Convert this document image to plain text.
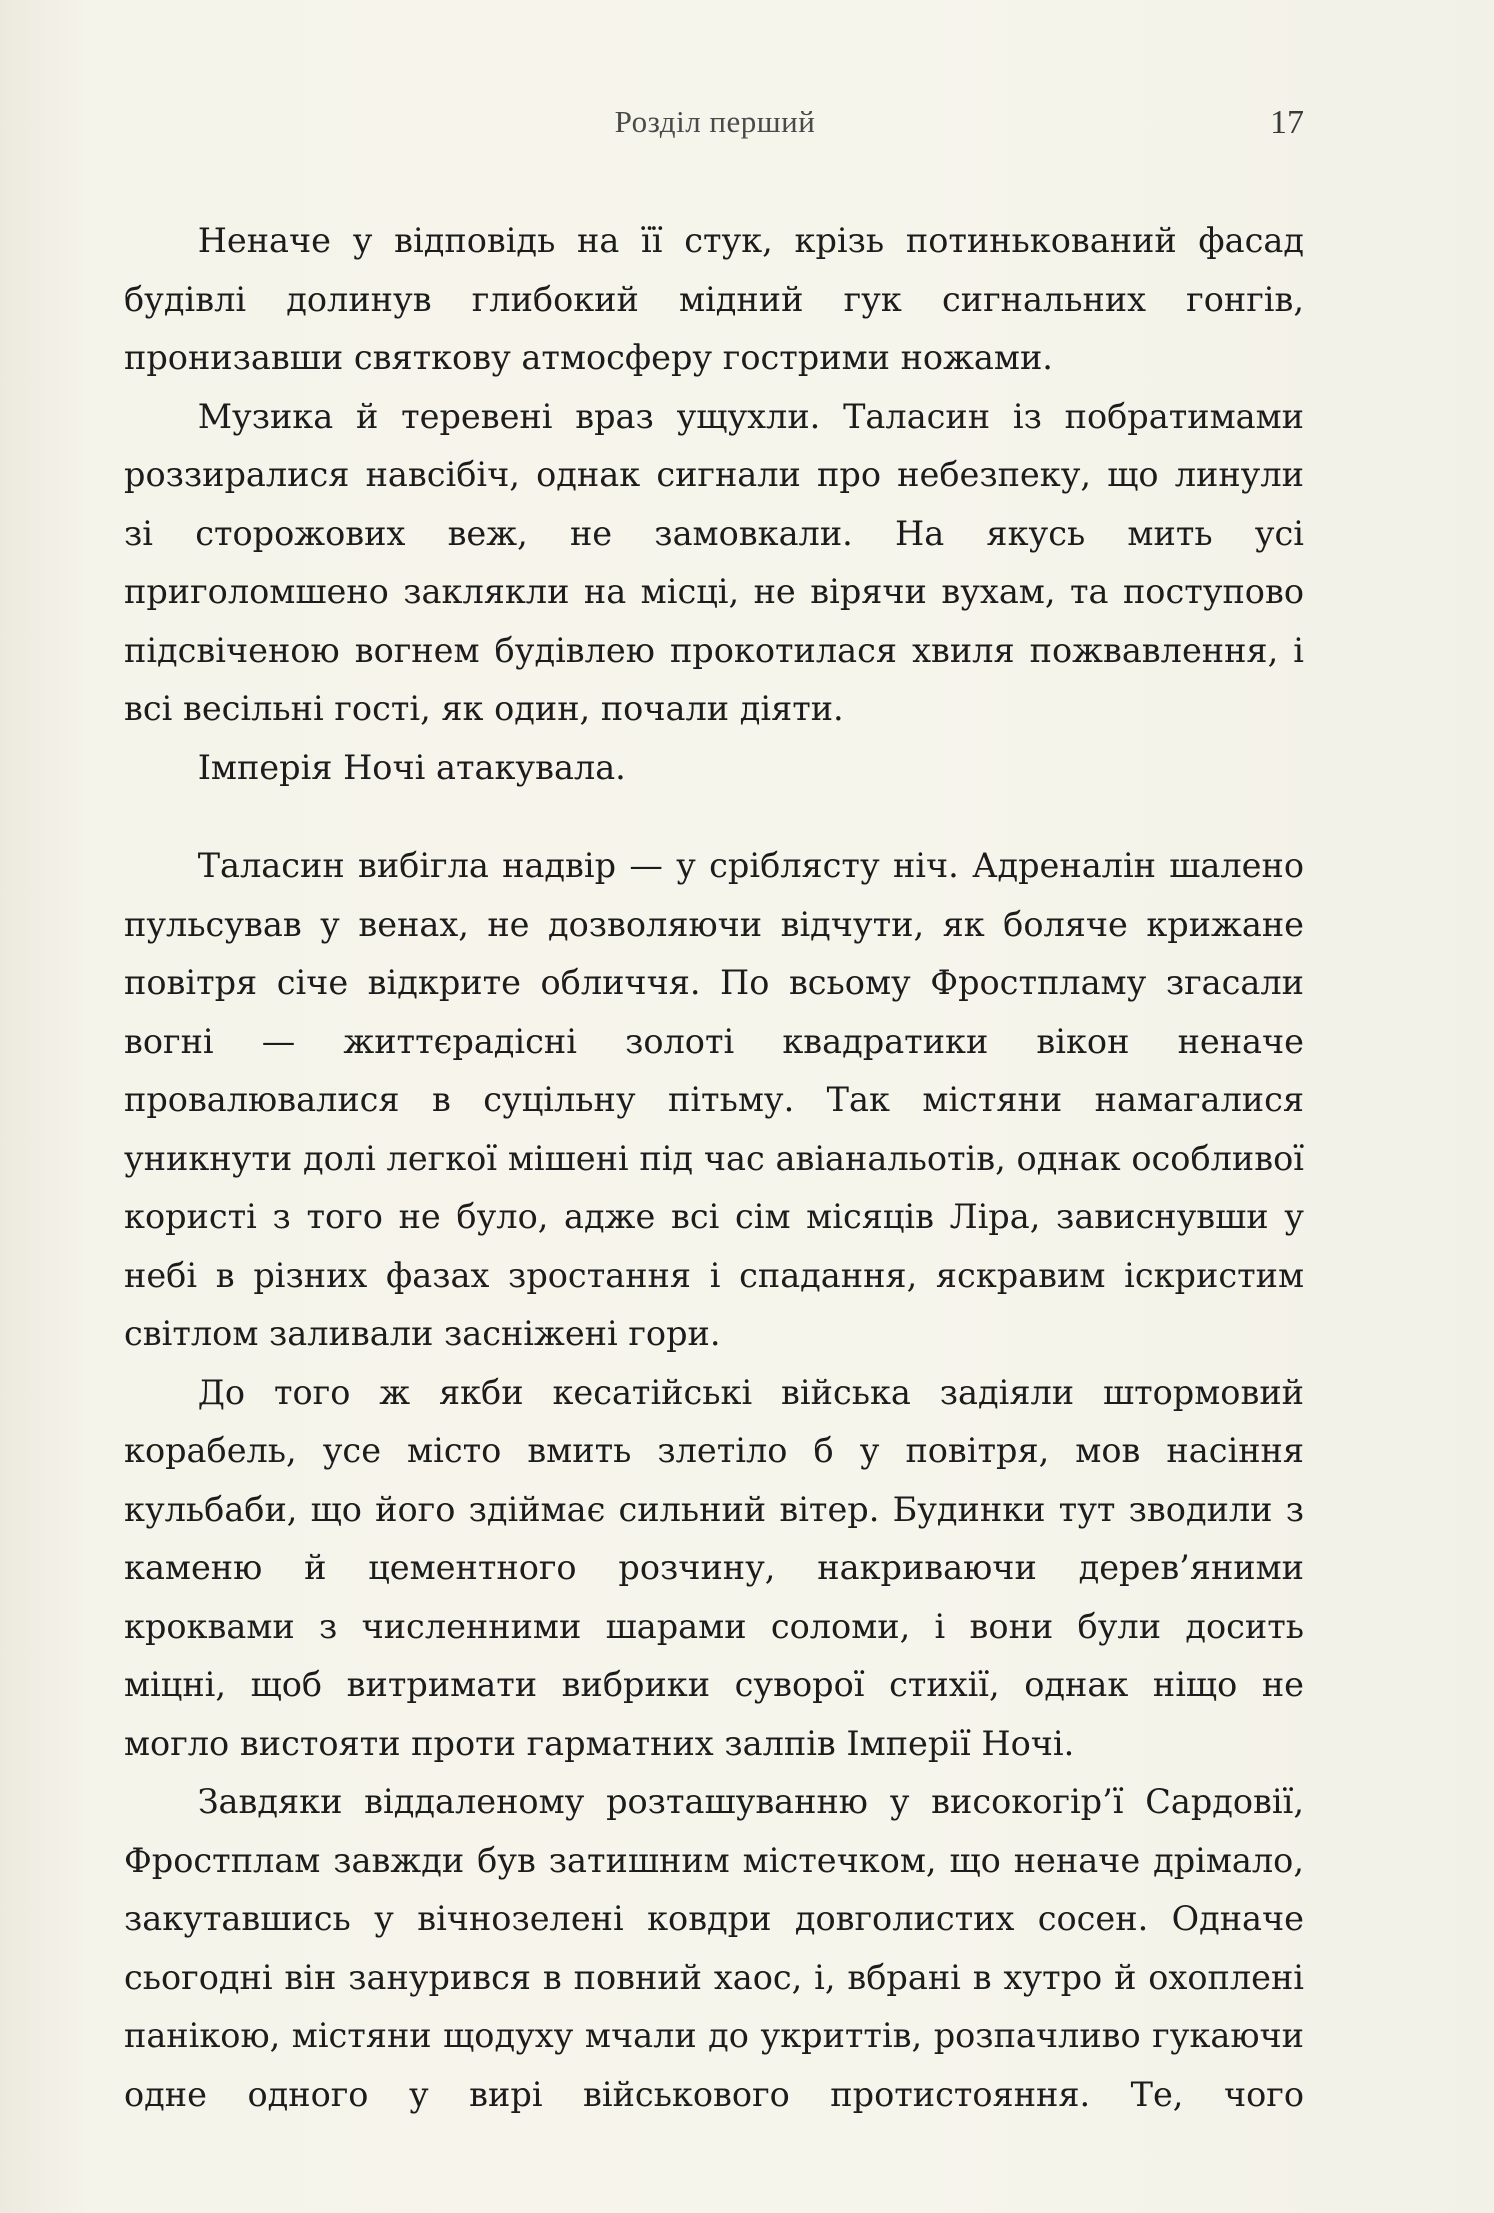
Розділ перший	17

Неначе у відповідь на її стук, крізь потинькований фасад будівлі долинув глибокий мідний гук сигнальних гонгів, пронизавши святкову атмосферу гострими ножами.

Музика й теревені враз ущухли. Таласин із побратимами роззиралися навсібіч, однак сигнали про небезпеку, що линули зі сторожових веж, не замовкали. На якусь мить усі приголомшено заклякли на місці, не вірячи вухам, та поступово підсвіченою вогнем будівлею прокотилася хвиля пожвавлення, і всі весільні гості, як один, почали діяти.

Імперія Ночі атакувала.

Таласин вибігла надвір — у сріблясту ніч. Адреналін шалено пульсував у венах, не дозволяючи відчути, як боляче крижане повітря січе відкрите обличчя. По всьому Фростпламу згасали вогні — життєрадісні золоті квадратики вікон неначе провалювалися в суцільну пітьму. Так містяни намагалися уникнути долі легкої мішені під час авіанальотів, однак особливої користі з того не було, адже всі сім місяців Ліра, зависнувши у небі в різних фазах зростання і спадання, яскравим іскристим світлом заливали засніжені гори.

До того ж якби кесатійські війська задіяли штормовий корабель, усе місто вмить злетіло б у повітря, мов насіння кульбаби, що його здіймає сильний вітер. Будинки тут зводили з каменю й цементного розчину, накриваючи дерев’яними кроквами з численними шарами соломи, і вони були досить міцні, щоб витримати вибрики суворої стихії, однак ніщо не могло вистояти проти гарматних залпів Імперії Ночі.

Завдяки віддаленому розташуванню у високогір’ї Сардовії, Фростплам завжди був затишним містечком, що неначе дрімало, закутавшись у вічнозелені ковдри довголистих сосен. Одначе сьогодні він занурився в повний хаос, і, вбрані в хутро й охоплені панікою, містяни щодуху мчали до укриттів, розпачливо гукаючи одне одного у вирі військового протистояння. Те, чого
